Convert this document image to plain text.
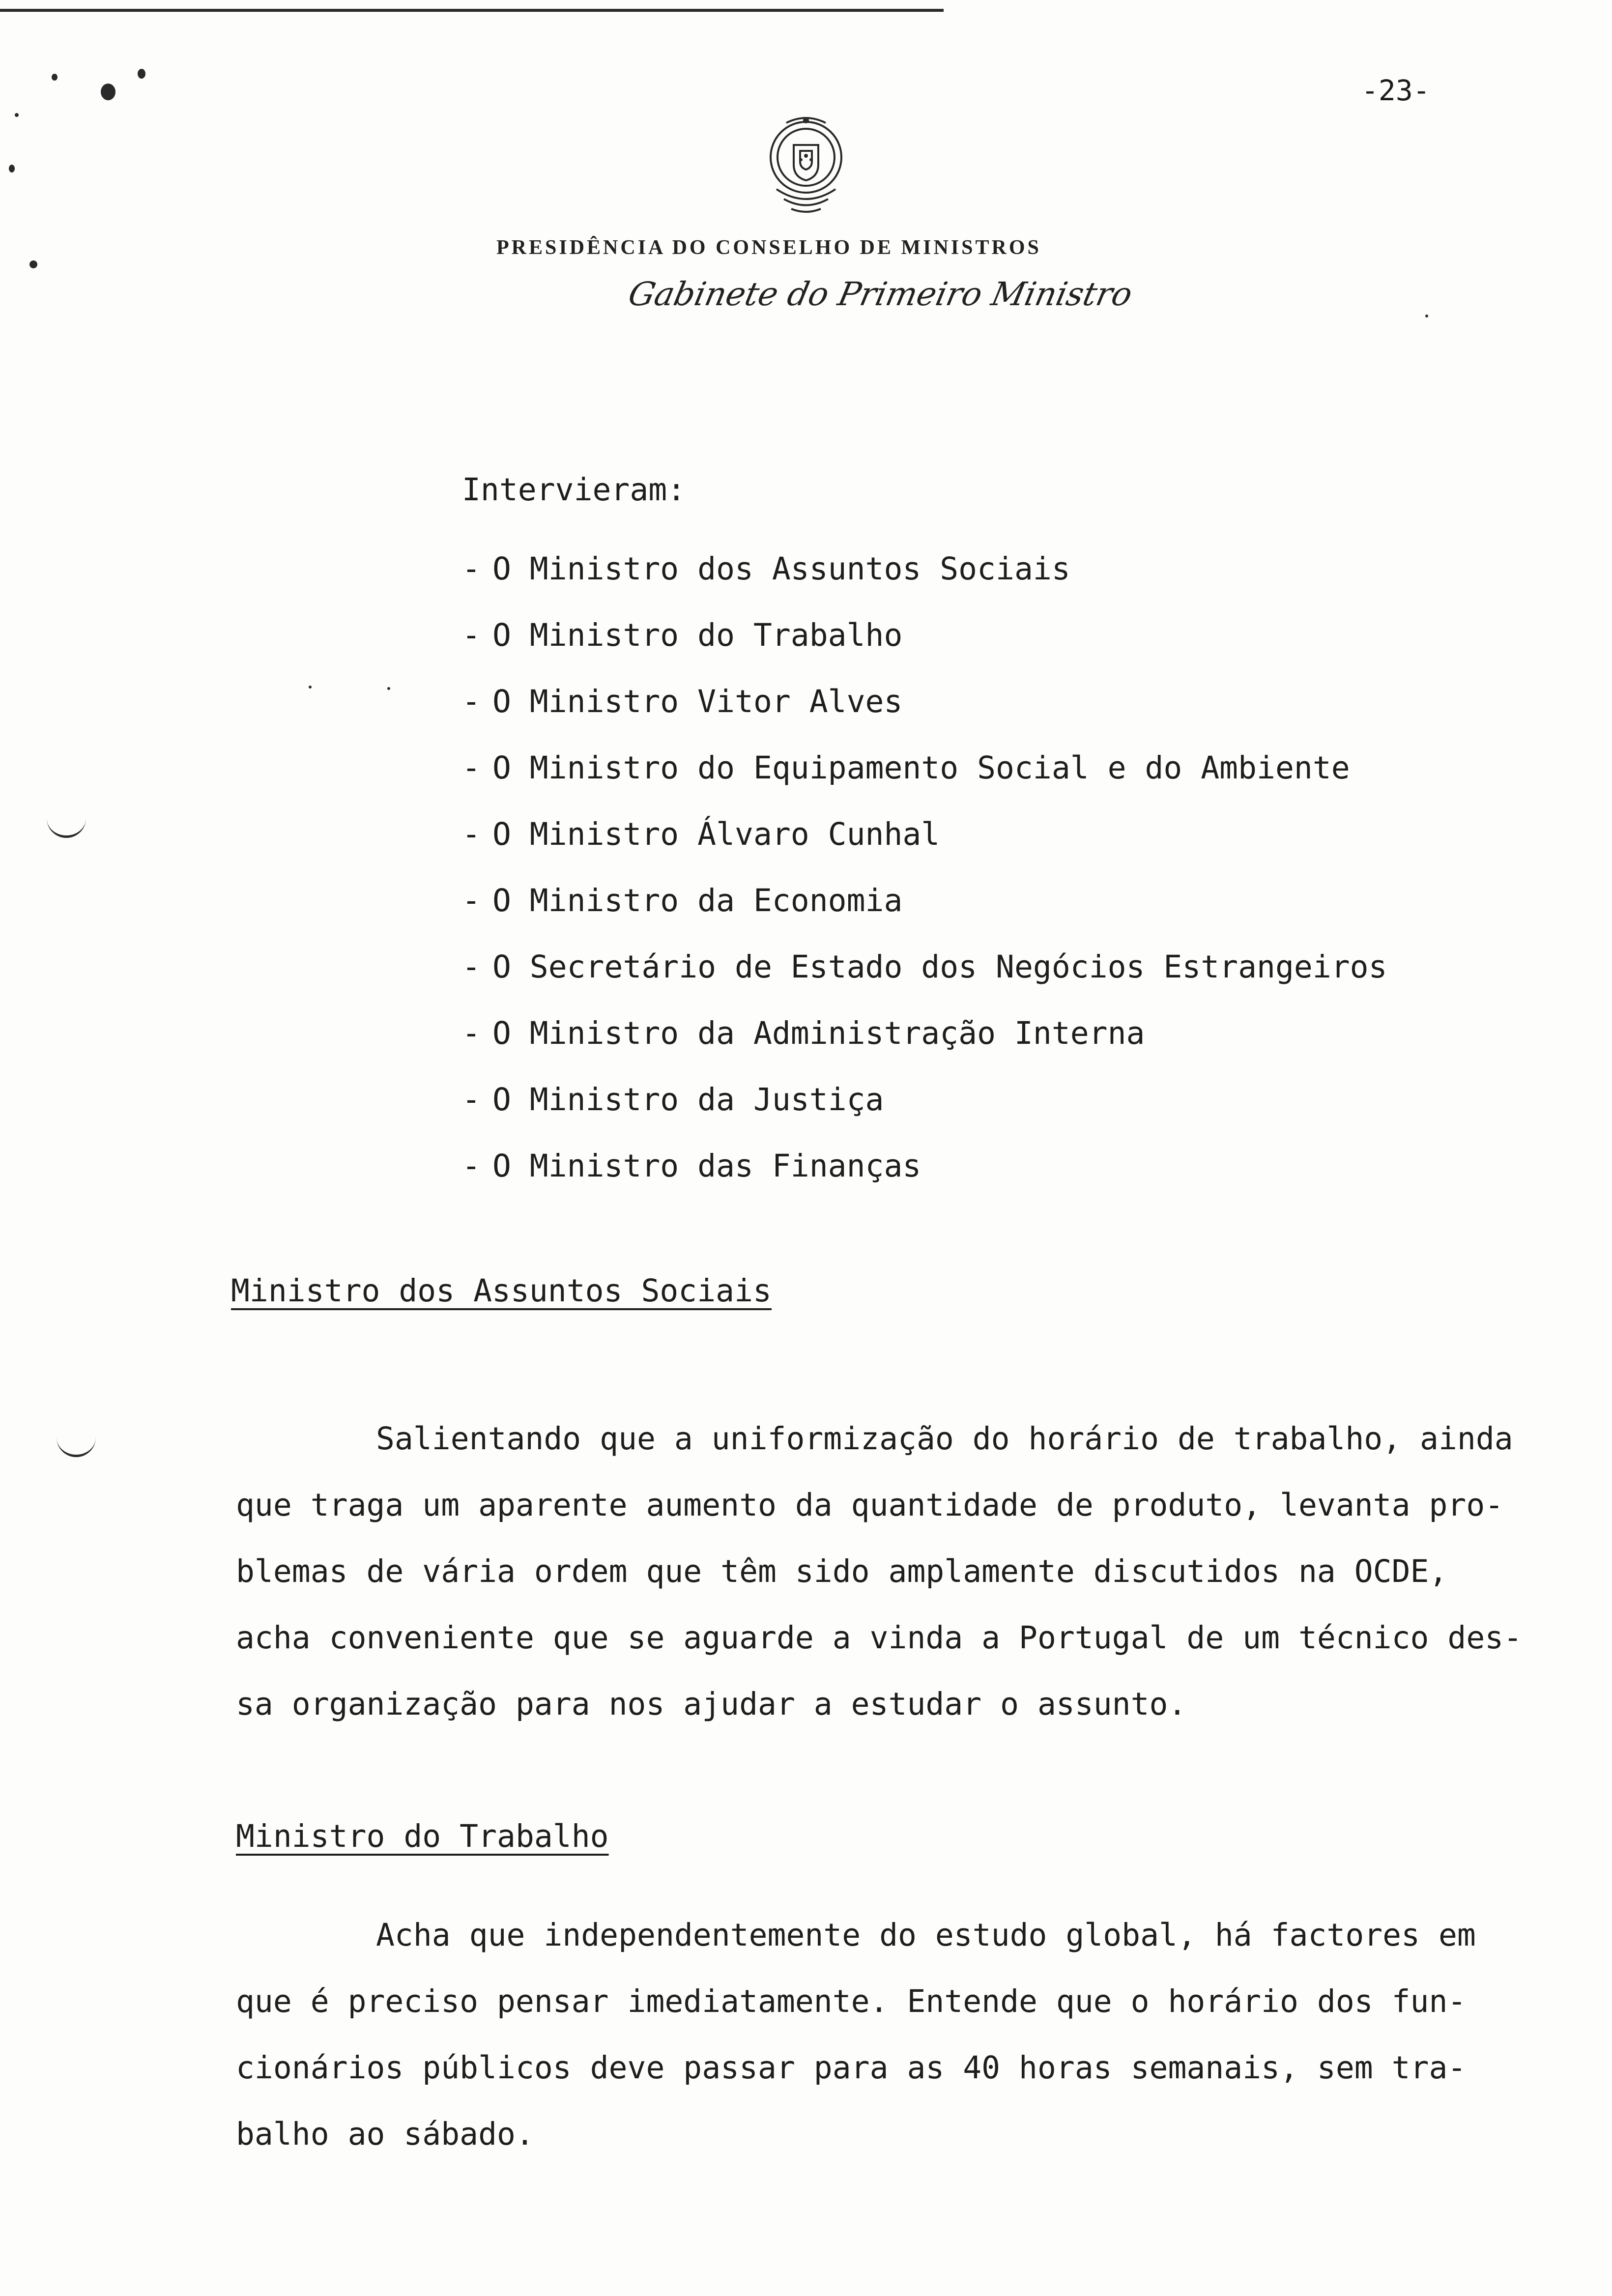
-23-
PRESIDÊNCIA DO CONSELHO DE MINISTROS
Gabinete do Primeiro Ministro
Intervieram:
- O Ministro dos Assuntos Sociais
- O Ministro do Trabalho
- O Ministro Vitor Alves
- O Ministro do Equipamento Social e do Ambiente
- O Ministro Álvaro Cunhal
- O Ministro da Economia
- O Secretário de Estado dos Negócios Estrangeiros
- O Ministro da Administração Interna
- O Ministro da Justiça
- O Ministro das Finanças
Ministro dos Assuntos Sociais

Salientando que a uniformização do horário de trabalho, ainda
que traga um aparente aumento da quantidade de produto, levanta pro-
blemas de vária ordem que têm sido amplamente discutidos na OCDE,
acha conveniente que se aguarde a vinda a Portugal de um técnico des-
sa organização para nos ajudar a estudar o assunto.

Ministro do Trabalho

Acha que independentemente do estudo global, há factores em
que é preciso pensar imediatamente. Entende que o horário dos fun-
cionários públicos deve passar para as 40 horas semanais, sem tra-
balho ao sábado.
